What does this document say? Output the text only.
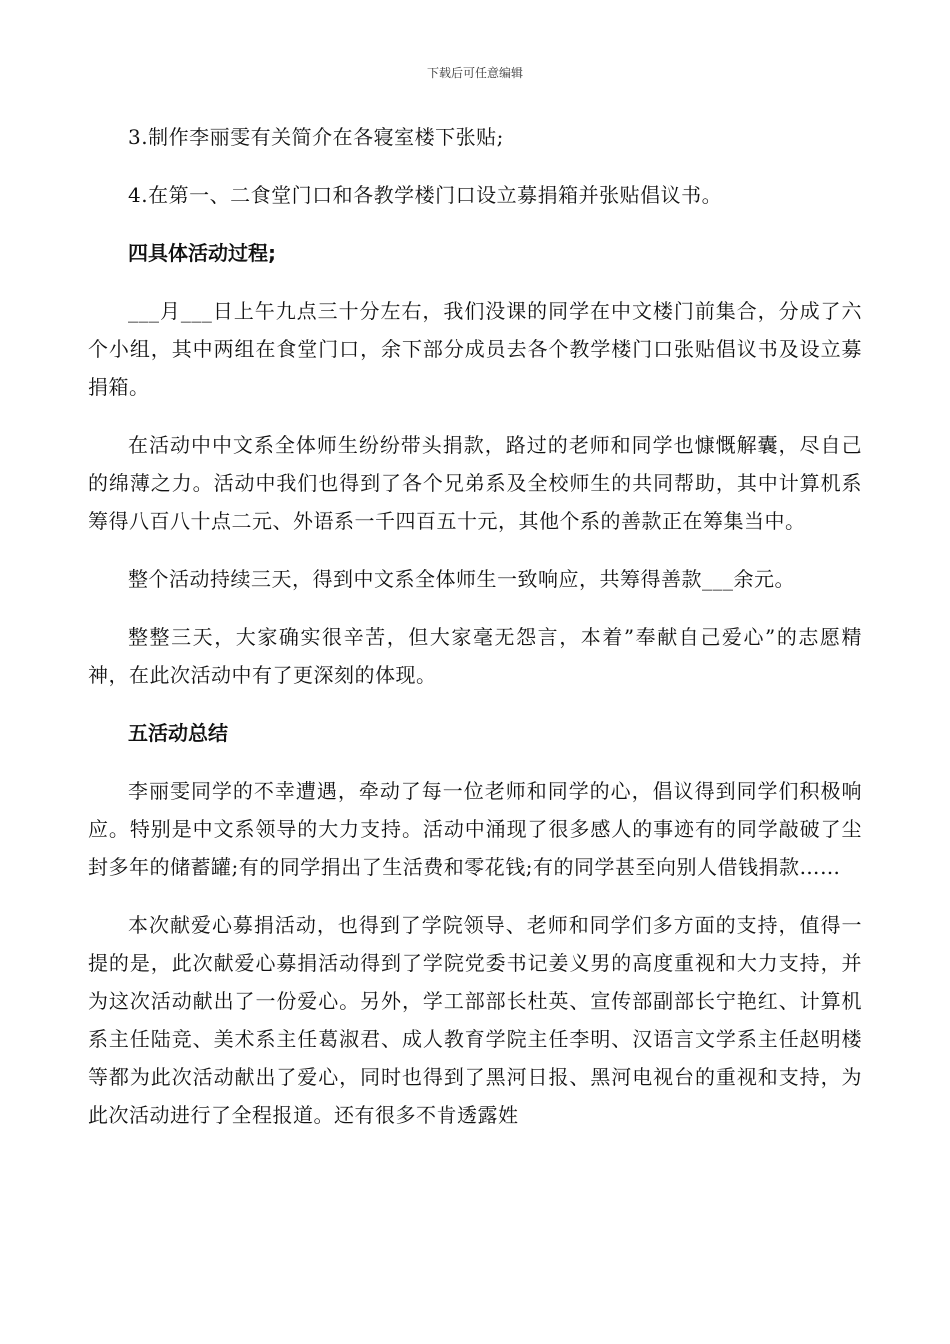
下载后可任意编辑

3.制作李丽雯有关简介在各寝室楼下张贴;

4.在第一、二食堂门口和各教学楼门口设立募捐箱并张贴倡议书。

四具体活动过程;

___月___日上午九点三十分左右，我们没课的同学在中文楼门前集合，分成了六个小组，其中两组在食堂门口，余下部分成员去各个教学楼门口张贴倡议书及设立募捐箱。

在活动中中文系全体师生纷纷带头捐款，路过的老师和同学也慷慨解囊，尽自己的绵薄之力。活动中我们也得到了各个兄弟系及全校师生的共同帮助，其中计算机系筹得八百八十点二元、外语系一千四百五十元，其他个系的善款正在筹集当中。

整个活动持续三天，得到中文系全体师生一致响应，共筹得善款___余元。

整整三天，大家确实很辛苦，但大家毫无怨言，本着”奉献自己爱心”的志愿精神，在此次活动中有了更深刻的体现。

五活动总结

李丽雯同学的不幸遭遇，牵动了每一位老师和同学的心，倡议得到同学们积极响应。特别是中文系领导的大力支持。活动中涌现了很多感人的事迹有的同学敲破了尘封多年的储蓄罐;有的同学捐出了生活费和零花钱;有的同学甚至向别人借钱捐款……

本次献爱心募捐活动，也得到了学院领导、老师和同学们多方面的支持，值得一提的是，此次献爱心募捐活动得到了学院党委书记姜义男的高度重视和大力支持，并为这次活动献出了一份爱心。另外，学工部部长杜英、宣传部副部长宁艳红、计算机系主任陆竞、美术系主任葛淑君、成人教育学院主任李明、汉语言文学系主任赵明楼等都为此次活动献出了爱心，同时也得到了黑河日报、黑河电视台的重视和支持，为此次活动进行了全程报道。还有很多不肯透露姓
